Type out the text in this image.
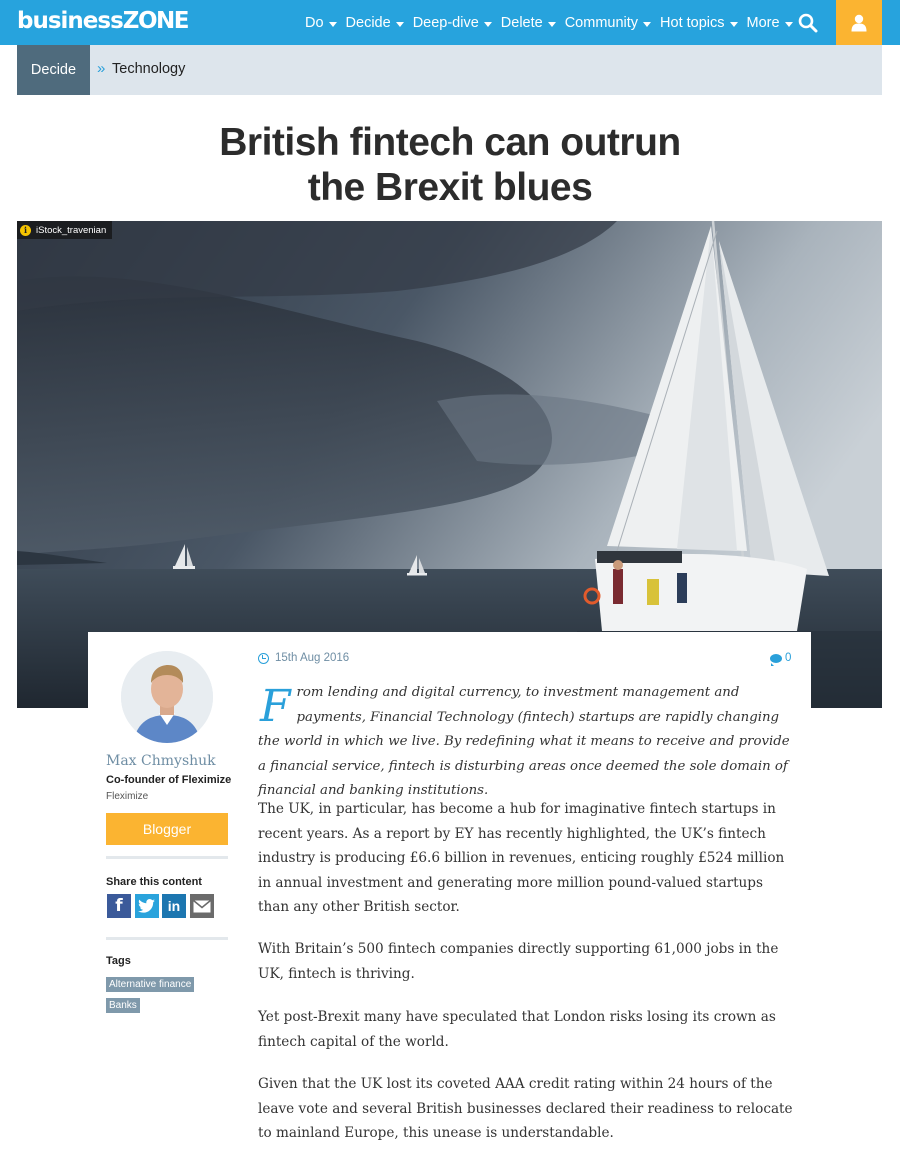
businessZONE	Do Decide Deep-dive Delete Community Hot topics More
Decide	» Technology
British fintech can outrun
the Brexit blues
i iStock_travenian
Max Chmyshuk
Co-founder of Fleximize
Fleximize
Blogger
Share this content
f	in
Tags
Alternative finance
Banks
15th Aug 2016	0
From lending and digital currency, to investment management and payments, Financial Technology (fintech) startups are rapidly changing the world in which we live. By redefining what it means to receive and provide a financial service, fintech is disturbing areas once deemed the sole domain of financial and banking institutions.

The UK, in particular, has become a hub for imaginative fintech startups in recent years. As a report by EY has recently highlighted, the UK’s fintech industry is producing £6.6 billion in revenues, enticing roughly £524 million in annual investment and generating more million pound-valued startups than any other British sector.

With Britain’s 500 fintech companies directly supporting 61,000 jobs in the UK, fintech is thriving.

Yet post-Brexit many have speculated that London risks losing its crown as fintech capital of the world.

Given that the UK lost its coveted AAA credit rating within 24 hours of the leave vote and several British businesses declared their readiness to relocate to mainland Europe, this unease is understandable.
